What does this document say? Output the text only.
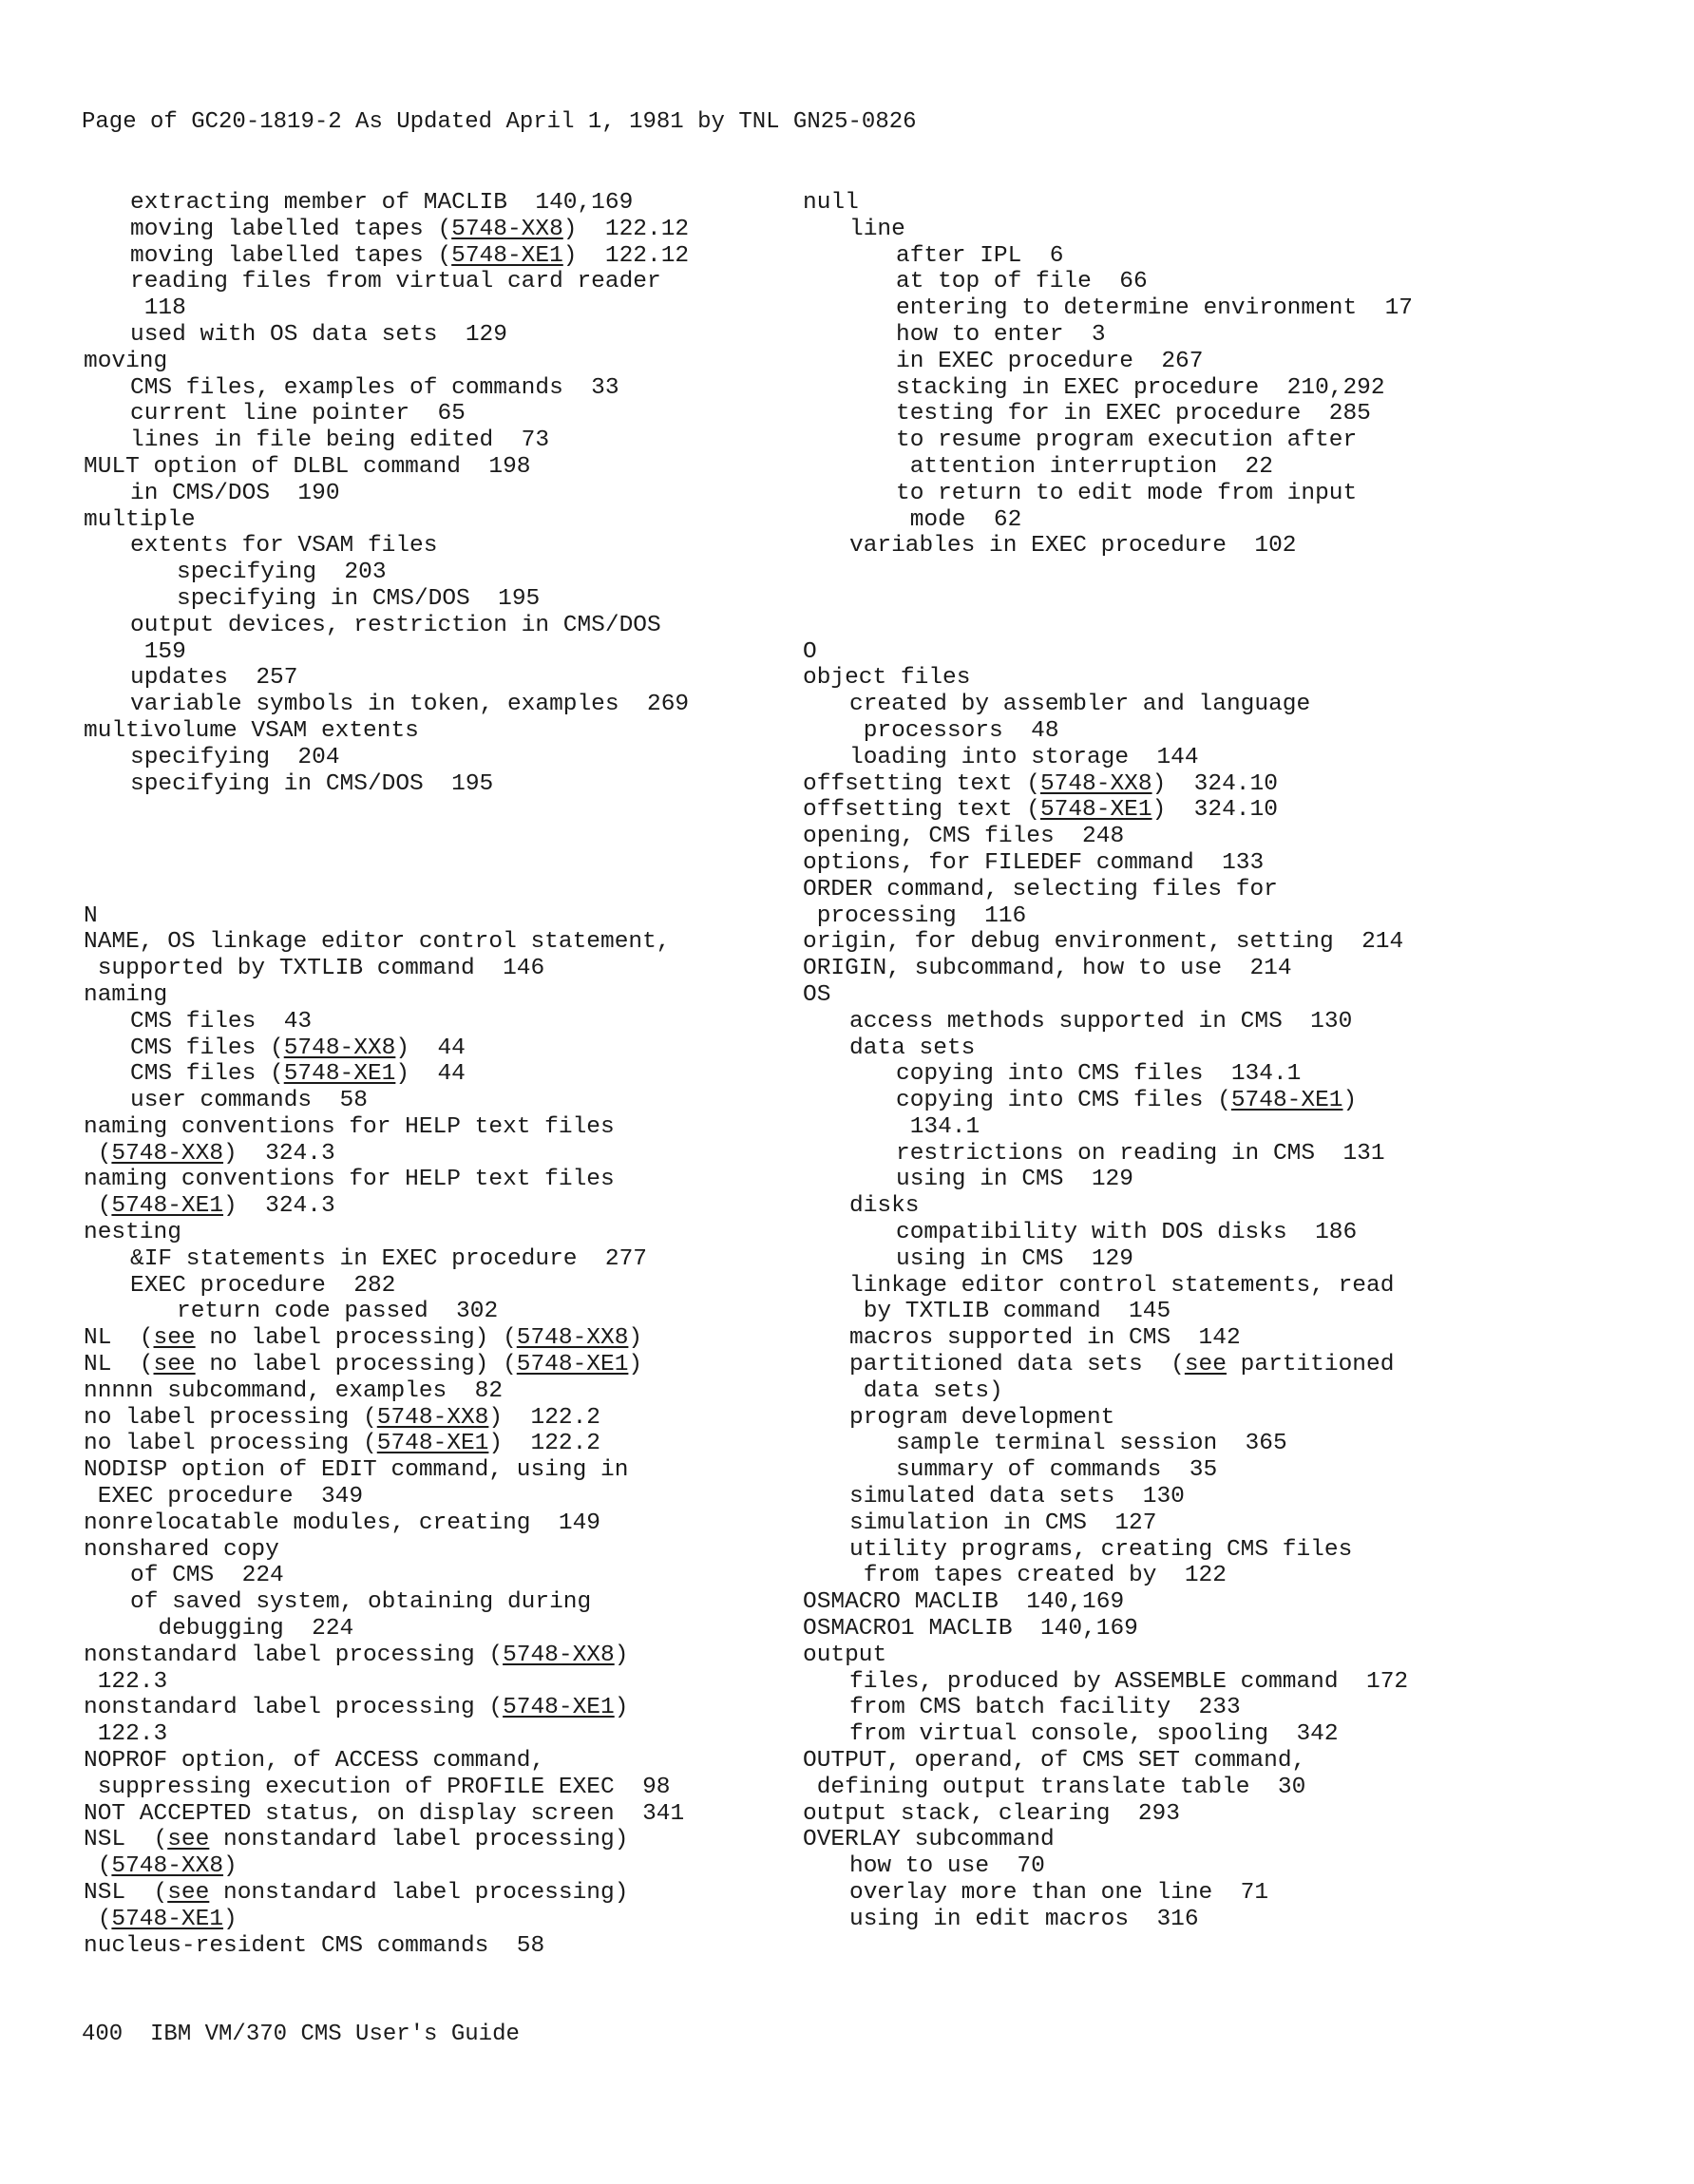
Page of GC20-1819-2 As Updated April 1, 1981 by TNL GN25-0826
extracting member of MACLIB  140,169
moving labelled tapes (5748-XX8)  122.12
moving labelled tapes (5748-XE1)  122.12
reading files from virtual card reader
118
used with OS data sets  129
moving
CMS files, examples of commands  33
current line pointer  65
lines in file being edited  73
MULT option of DLBL command  198
in CMS/DOS  190
multiple
extents for VSAM files
specifying  203
specifying in CMS/DOS  195
output devices, restriction in CMS/DOS
159
updates  257
variable symbols in token, examples  269
multivolume VSAM extents
specifying  204
specifying in CMS/DOS  195
N
NAME, OS linkage editor control statement,
supported by TXTLIB command  146
naming
CMS files  43
CMS files (5748-XX8)  44
CMS files (5748-XE1)  44
user commands  58
naming conventions for HELP text files
(5748-XX8)  324.3
naming conventions for HELP text files
(5748-XE1)  324.3
nesting
&IF statements in EXEC procedure  277
EXEC procedure  282
return code passed  302
NL  (see no label processing) (5748-XX8)
NL  (see no label processing) (5748-XE1)
nnnnn subcommand, examples  82
no label processing (5748-XX8)  122.2
no label processing (5748-XE1)  122.2
NODISP option of EDIT command, using in
EXEC procedure  349
nonrelocatable modules, creating  149
nonshared copy
of CMS  224
of saved system, obtaining during
debugging  224
nonstandard label processing (5748-XX8)
122.3
nonstandard label processing (5748-XE1)
122.3
NOPROF option, of ACCESS command,
suppressing execution of PROFILE EXEC  98
NOT ACCEPTED status, on display screen  341
NSL  (see nonstandard label processing)
(5748-XX8)
NSL  (see nonstandard label processing)
(5748-XE1)
nucleus-resident CMS commands  58
null
line
after IPL  6
at top of file  66
entering to determine environment  17
how to enter  3
in EXEC procedure  267
stacking in EXEC procedure  210,292
testing for in EXEC procedure  285
to resume program execution after
attention interruption  22
to return to edit mode from input
mode  62
variables in EXEC procedure  102
O
object files
created by assembler and language
processors  48
loading into storage  144
offsetting text (5748-XX8)  324.10
offsetting text (5748-XE1)  324.10
opening, CMS files  248
options, for FILEDEF command  133
ORDER command, selecting files for
processing  116
origin, for debug environment, setting  214
ORIGIN, subcommand, how to use  214
OS
access methods supported in CMS  130
data sets
copying into CMS files  134.1
copying into CMS files (5748-XE1)
134.1
restrictions on reading in CMS  131
using in CMS  129
disks
compatibility with DOS disks  186
using in CMS  129
linkage editor control statements, read
by TXTLIB command  145
macros supported in CMS  142
partitioned data sets  (see partitioned
data sets)
program development
sample terminal session  365
summary of commands  35
simulated data sets  130
simulation in CMS  127
utility programs, creating CMS files
from tapes created by  122
OSMACRO MACLIB  140,169
OSMACRO1 MACLIB  140,169
output
files, produced by ASSEMBLE command  172
from CMS batch facility  233
from virtual console, spooling  342
OUTPUT, operand, of CMS SET command,
defining output translate table  30
output stack, clearing  293
OVERLAY subcommand
how to use  70
overlay more than one line  71
using in edit macros  316
400  IBM VM/370 CMS User's Guide
